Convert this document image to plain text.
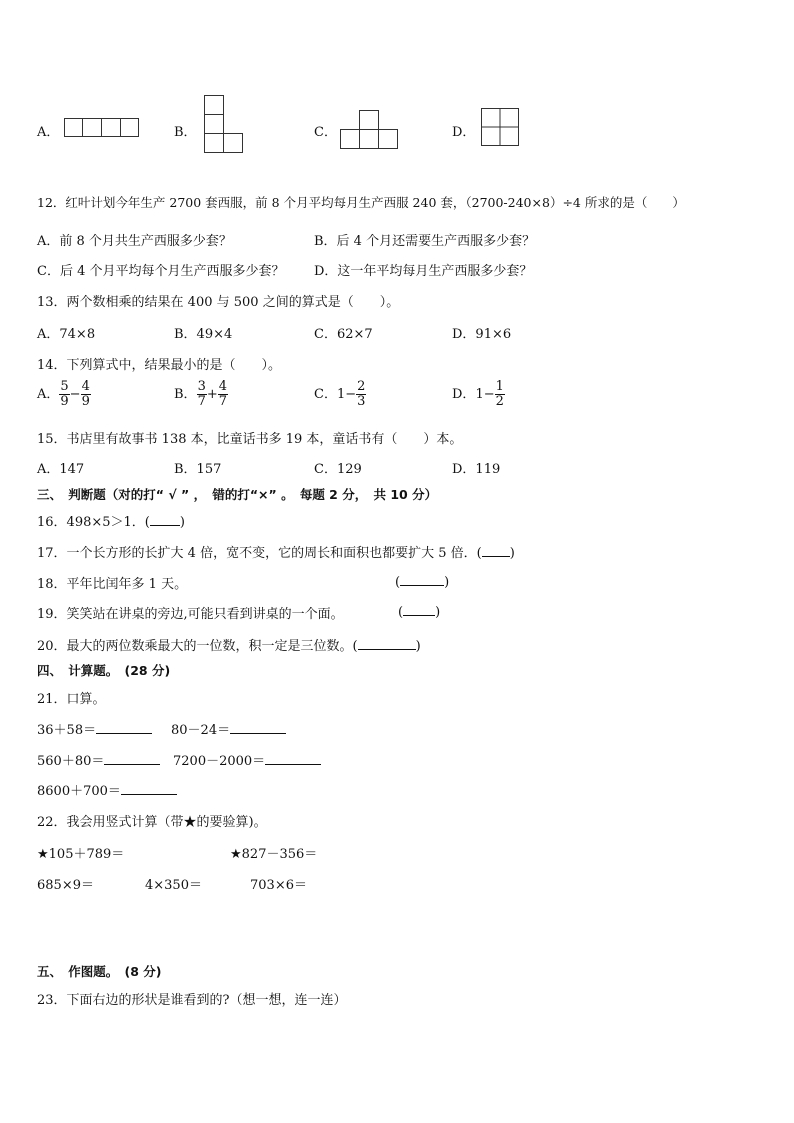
A．	B．	C．	D．
12．红叶计划今年生产 2700 套西服，前 8 个月平均每月生产西服 240 套，（2700-240×8）÷4 所求的是（　　）
A．前 8 个月共生产西服多少套？	B．后 4 个月还需要生产西服多少套？
C．后 4 个月平均每个月生产西服多少套？ D．这一年平均每月生产西服多少套？
13．两个数相乘的结果在 400 与 500 之间的算式是（　　）。
A．74×8	B．49×4	C．62×7	D．91×6
14．下列算式中，结果最小的是（　　）。
A． $\frac{5}{9} - \frac{4}{9}$	B． $\frac{3}{7} + \frac{4}{7}$	C．$1- \frac{2}{3}$	D．$1- \frac{1}{2}$
15．书店里有故事书 138 本，比童话书多 19 本，童话书有（　　）本。
A．147	B．157	C．129	D．119
三、　判断题（对的打“ √ ” ，　错的打“×” 。　每题 2 分，　共 10 分）
16．498×5＞1．( )
17．一个长方形的长扩大 4 倍，宽不变，它的周长和面积也都要扩大 5 倍．( )
18．平年比闰年多 1 天。	(	)
19．笑笑站在讲桌的旁边,可能只看到讲桌的一个面。	( )
20．最大的两位数乘最大的一位数，积一定是三位数。(	)
四、　计算题。　(28 分)
21．口算。
36＋58＝	80－24＝
560＋80＝	7200－2000＝
8600＋700＝
22．我会用竖式计算（带★的要验算)。
★105＋789＝	★827－356＝
685×9＝	4×350＝	703×6＝
五、　作图题。　(8 分)
23．下面右边的形状是谁看到的?（想一想，连一连）
